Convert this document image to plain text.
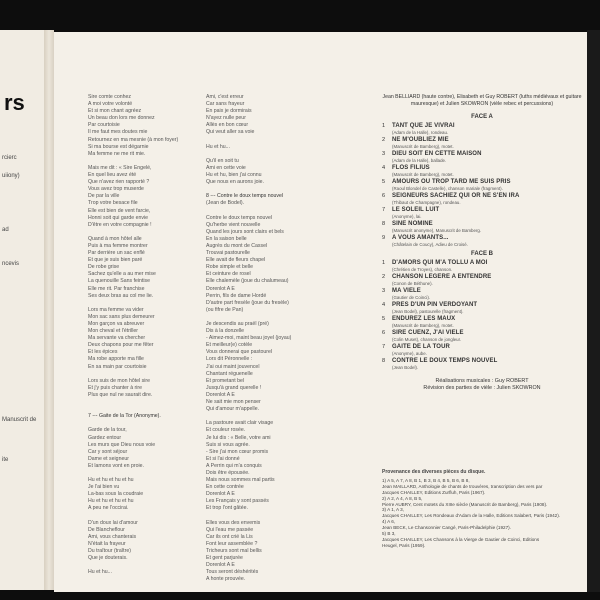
rs
rcierc
uiiony)
ad
ncevis
Manuscrit de
ite
Sire comte conhez
A moi votre volonté
Et si mon chant agréez
Un beau don lors me donnez
Par courtoisie
Il me faut mes doutes mie
Retournez en ma mesnie (à mon foyer)
Si ma bourse est dégarnie
Ma femme ne me rit mie.

Mais me dit : « Sire Engelé,
En quel lieu avez été
Que n'avez rien rapporté ?
Vous avez trop muserde
De par la ville
Trop votre besace file
Elle est bien de vent farcie,
Honni soit qui garde envie
D'être en votre compagnie !

Quand à mon hôtel alle
Puis à ma femme montrer
Par derrière un sac enflé
Et que je suis bien paré
De robe grise
Sachez qu'elle a au mer mise
La quenouille Sans feintise
Elle me rit. Par franchise
Ses deux bras au col me lie.

Lors ma femme va vider
Mon sac sans plus demeurer
Mon garçon va abreuver
Mon cheval et l'étriller
Ma servante va chercher
Deux chapons pour me fêter
Et les épices
Ma robe apporte ma fille
En sa main par courtoisie

Lors suis de mon hôtel sire
Et j'y puis chanter à rire
Plus que nul ne saurait dire.

7 --- Gaite de la Tor (Anonyme).

Garde de la tour,
Gardez entour
Les murs que Dieu nous voie
Car y sont séjour
Dame et seigneur
Et lamons vont en proie.

Hu et hu et hu et hu
Je l'ai bien vu
La-bas sous la coudraie
Hu et hu et hu et hu
A peu ne l'occirai.

D'un doux lai d'amour
De Blancheflour
Ami, vous chanterais
N'était la frayeur
Du traîtour (traître)
Que je douterais.

Hu et hu...
Ami, c'est erreur
Car sans frayeur
En paix je dormirais
N'ayez nulle peur
Allès en bon cœur
Qui veut aller sa voie

Hu et hu...

Qu'il en soit tu
Ami en cette voie
Hu et hu, bien j'ai connu
Que nous en aurons joie.

8 --- Contre le doux temps nouvel
(Jean de Bodel).

Contre le doux temps nouvel
Qu'herbe vient nouvelle
Quand les jours sont clairs et bels
En la saison belle
Augrès du mont de Cassel
Trouvai pastourelle
Elle avait de fleurs chapel
Robe simple et belle
Et ceinture de rosel
Elle chalemèle (joue du chalumeau)
Dorenlot A E
Perrin, fils de dame Hordé
D'autre part fresèle (joue du fresèle)
(ou fifre de Pan)

Je descendis au praël (pré)
Dis à la donzelle
- Aimez-moi, maint beau joyel (joyau)
Et meilleur(e) cotèle
Vous donnerai que pastourel
Lors dit Péronnelle :
J'ai oui maint jouvencel
Chantant réguenelle
Et prometant bel
Jusqu'à grand querelle !
Dorenlot A E
Ne sait mie mon penser
Qui d'amour m'appelle.

La pastoure avait clair visage
Et couleur rosée.
Je lui dis : « Belle, votre ami
Suis si vous agrée.
- Sire j'ai mon cœur promis
Et si l'ai donné
A Perrin qui m'a conquis
Dois être épousée.
Mais nous sommes mal partis
En cette contrée
Dorenlot A E
Les Français y sont passés
Et trop l'ont gâtée.

Elles vous des envemis
Qui l'eau me passée
Car ils ont crié la Lis
Font leur assemblée ?
Tricheurs sont mal bellis
Et gent parjurée
Dorenlot A E
Tous seront déshérités
A honte prouvée.
Jean BELLIARD (haute contre), Elisabeth et Guy ROBERT (luths médiévaux et guitare mauresque) et Julien SKOWRON (vièle rebec et percussions)
FACE A
1	TANT QUE JE VIVRAI
(Adam de la Halle), rondeau.
2	NE M'OUBLIEZ MIE
(Manuscrit de Bamberg), motet.
3	DIEU SOIT EN CETTE MAISON
(Adam de la Halle), ballade.
4	FLOS FILIUS
(Manuscrit de Bamberg), motet.
5	AMOURS OU TROP TARD ME SUIS PRIS
(Raoul Blondel de Castelle), chanson mariale (fragment).
6	SEIGNEURS SACHIEZ QUI OR NE S'EN IRA
(Thibaut de Champagne), rondeau.
7	LE SOLEIL LUIT
(Anonyme), lai.
8	SINE NOMINE
(Manuscrit anonyme), Manuscrit de Bamberg.
9	A VOUS AMANTS...
(Châtelain de Coucy), Adieu de Croisé.
FACE B
1	D'AMORS QUI M'A TOLLU A MOI
(Chrétien de Troyes), chanson.
2	CHANSON LEGERE A ENTENDRE
(Conon de Béthune).
3	MA VIELE
(Gautier de Coinci).
4	PRES D'UN PIN VERDOYANT
(Jean Bodel), pastourelle (fragment).
5	ENDUREZ LES MAUX
(Manuscrit de Bamberg), motet.
6	SIRE CUENZ, J'AI VIELE
(Colin Muset), chanson de jongleur.
7	GAITE DE LA TOUR
(Anonyme), aube.
8	CONTRE LE DOUX TEMPS NOUVEL
(Jean Bodel).
Réalisations musicales : Guy ROBERT
Révision des parties de vièle : Julien SKOWRON
Provenance des diverses pièces du disque.
1) A 5, A 7, A 8, B 1, B 3, B 4, B 5, B 6, B 8,
Jean MAILLARD, Anthologie de chants de trouvères, transcription des vers par
Jacques CHAILLEY, Editions Zurfluh, Paris (1967).
2) A 2, A 4, A 8, B 5,
Pierre AUBRY, Cent motets du XIIIe siècle (Manuscrit de Bamberg), Paris (1908).
3) A 1, A 3,
Jacques CHAILLEY, Les Rondeaux d'Adam de la Halle, Editions Salabert, Paris (1942).
4) A 6,
Jean BECK, Le Chansonnier Cangé, Paris-Philadelphie (1927).
5) B 3,
Jacques CHAILLEY, Les Chansons à la Vierge de Gautier de Coinci, Editions
Heugel, Paris (1959).
